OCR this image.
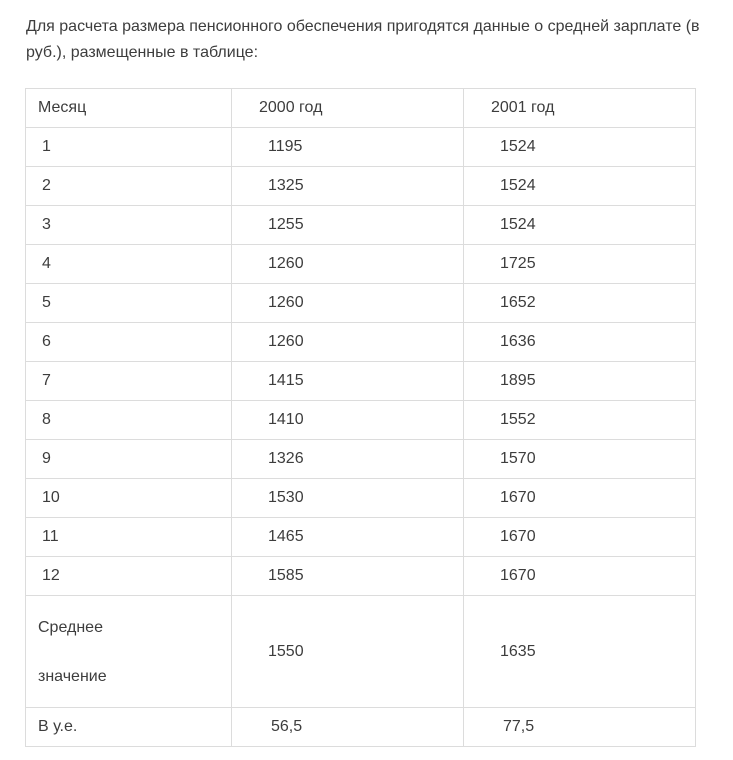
Для расчета размера пенсионного обеспечения пригодятся данные о средней зарплате (в руб.), размещенные в таблице:

Месяц	2000 год	2001 год
1	1195	1524
2	1325	1524
3	1255	1524
4	1260	1725
5	1260	1652
6	1260	1636
7	1415	1895
8	1410	1552
9	1326	1570
10	1530	1670
11	1465	1670
12	1585	1670

Среднее
значение	1550	1635
В у.е.	56,5	77,5
